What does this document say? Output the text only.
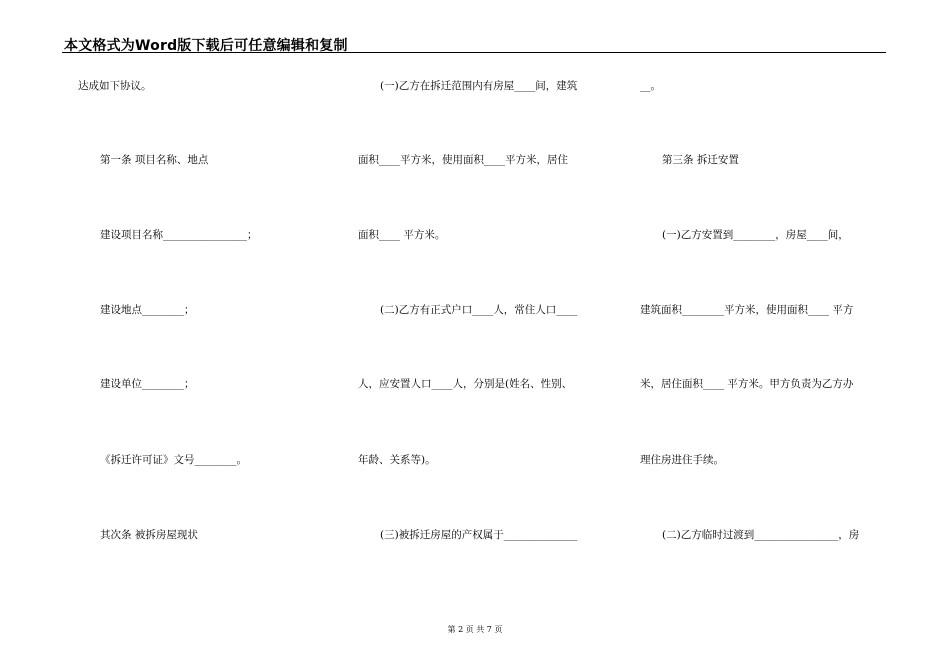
本文格式为Word版下载后可任意编辑和复制
达成如下协议。
第一条 项目名称、地点
建设项目名称________________；
建设地点________；
建设单位________；
《拆迁许可证》文号________。
其次条 被拆房屋现状
(一)乙方在拆迁范围内有房屋____间，建筑
面积____平方米，使用面积____平方米，居住
面积____ 平方米。
(二)乙方有正式户口____人，常住人口____
人，应安置人口____人，分别是(姓名、性别、
年龄、关系等)。
(三)被拆迁房屋的产权属于______________
__。
第三条 拆迁安置
(一)乙方安置到________，房屋____间，
建筑面积________平方米，使用面积____ 平方
米，居住面积____ 平方米。甲方负责为乙方办
理住房进住手续。
(二)乙方临时过渡到________________，房
第 2 页 共 7 页
